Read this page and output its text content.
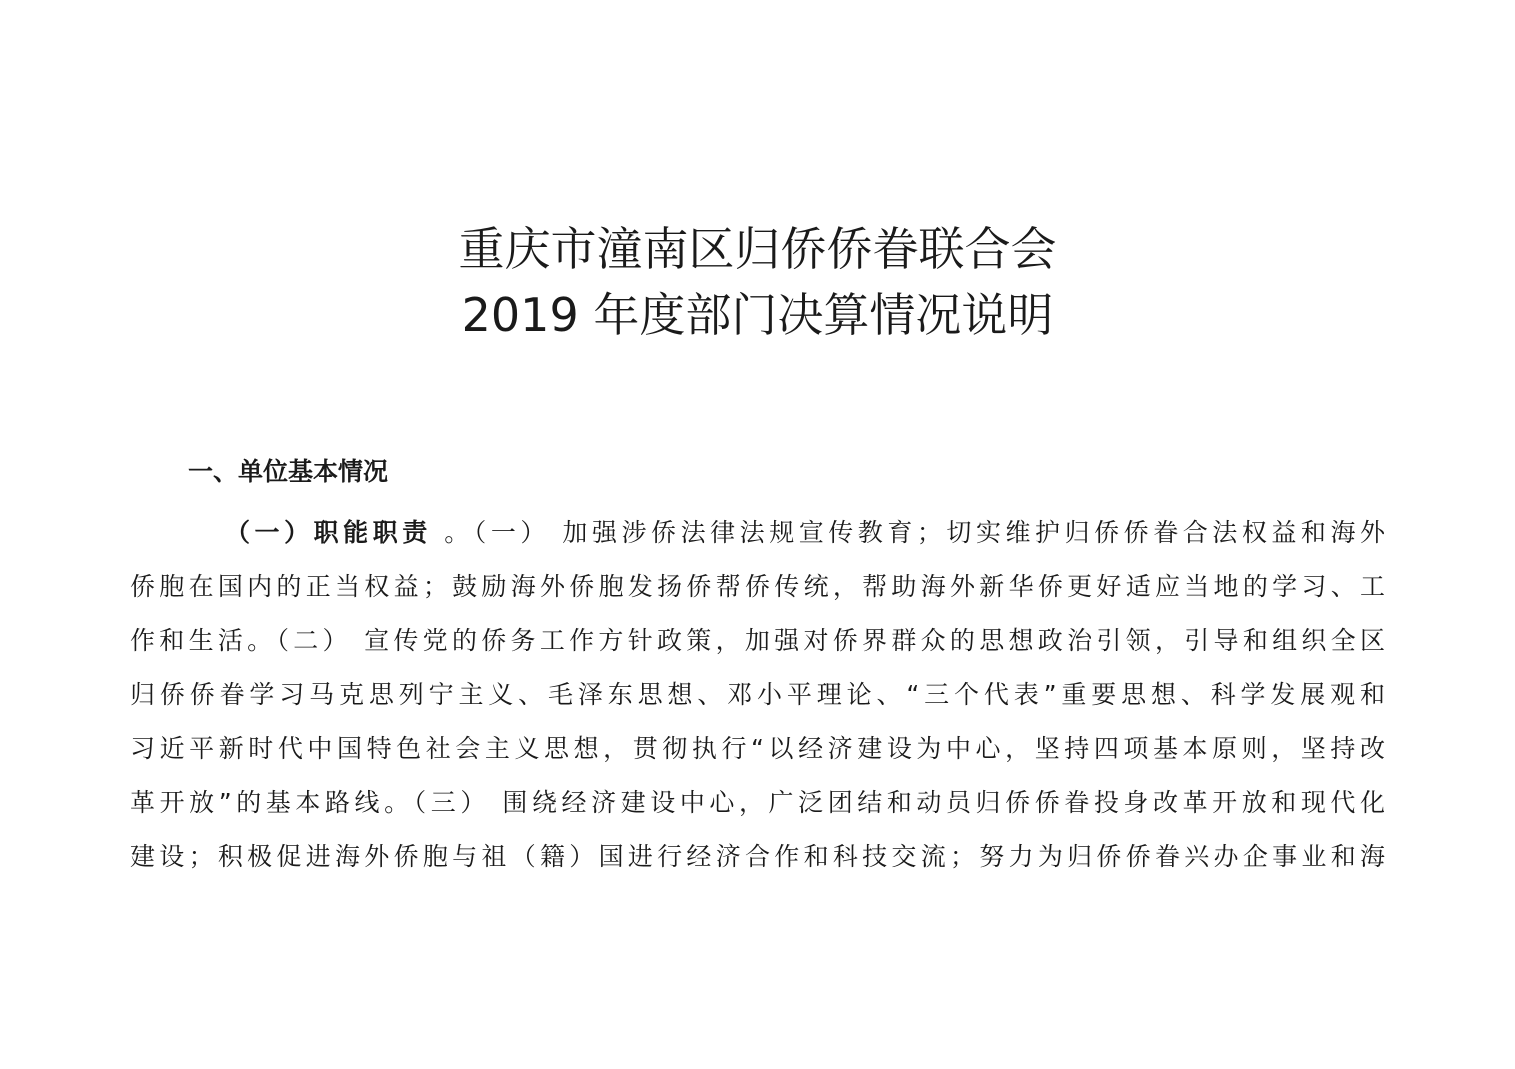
重庆市潼南区归侨侨眷联合会
2019 年度部门决算情况说明
一、单位基本情况
（一）职能职责 。（一） 加强涉侨法律法规宣传教育；切实维护归侨侨眷合法权益和海外
侨胞在国内的正当权益；鼓励海外侨胞发扬侨帮侨传统，帮助海外新华侨更好适应当地的学习、工
作和生活。（二） 宣传党的侨务工作方针政策，加强对侨界群众的思想政治引领，引导和组织全区
归侨侨眷学习马克思列宁主义、毛泽东思想、邓小平理论、“三个代表”重要思想、科学发展观和
习近平新时代中国特色社会主义思想，贯彻执行“以经济建设为中心，坚持四项基本原则，坚持改
革开放”的基本路线。（三） 围绕经济建设中心，广泛团结和动员归侨侨眷投身改革开放和现代化
建设；积极促进海外侨胞与祖（籍）国进行经济合作和科技交流；努力为归侨侨眷兴办企事业和海
